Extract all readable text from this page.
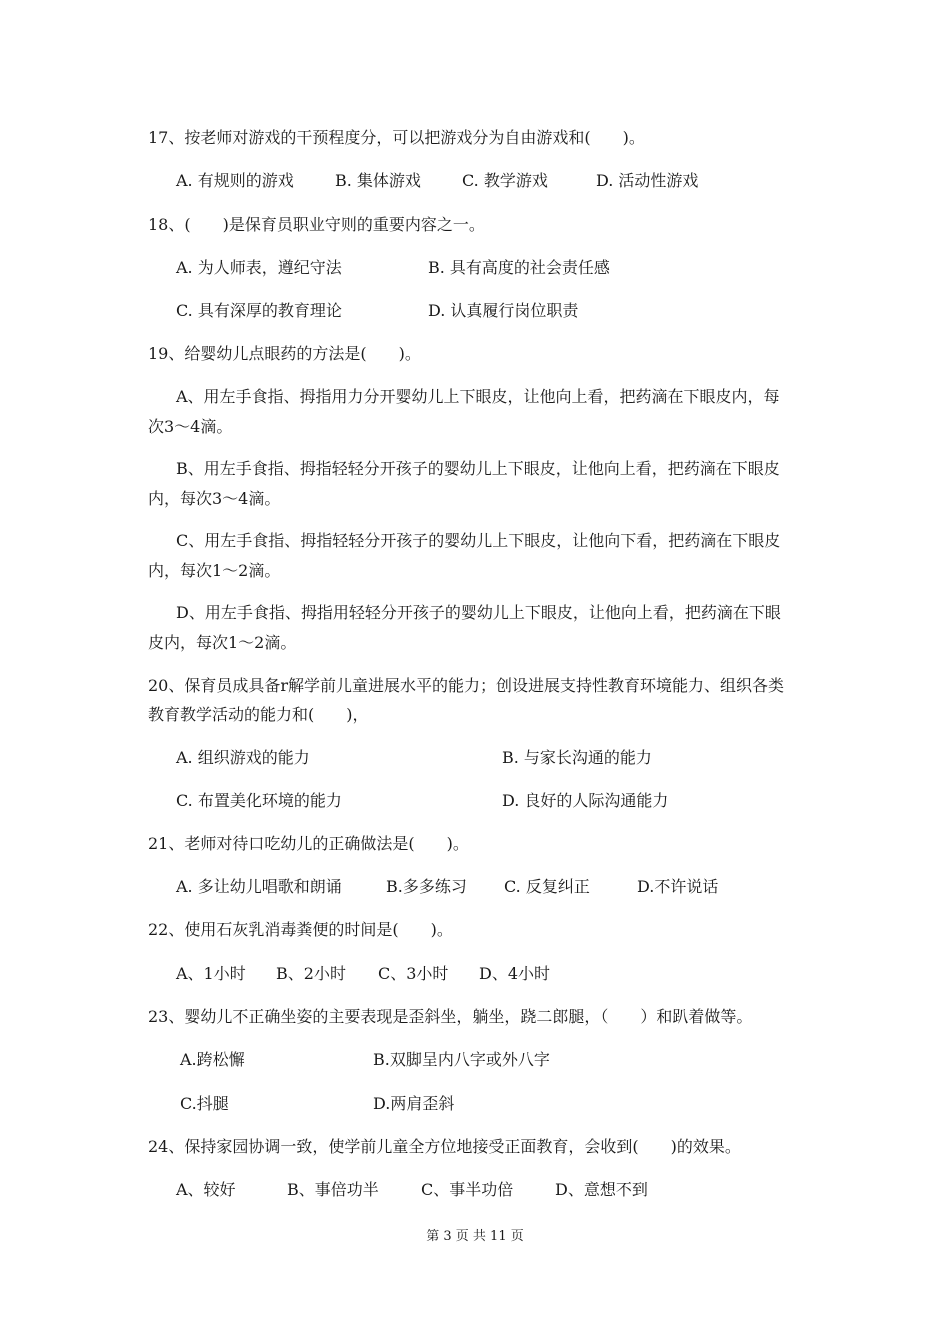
17、按老师对游戏的干预程度分，可以把游戏分为自由游戏和(　　)。
A. 有规则的游戏	B. 集体游戏	C. 教学游戏	D. 活动性游戏
18、(　　)是保育员职业守则的重要内容之一。
A. 为人师表，遵纪守法	B. 具有高度的社会责任感
C. 具有深厚的教育理论	D. 认真履行岗位职责
19、给婴幼儿点眼药的方法是(　　)。
A、用左手食指、拇指用力分开婴幼儿上下眼皮，让他向上看，把药滴在下眼皮内，每
次3～4滴。
B、用左手食指、拇指轻轻分开孩子的婴幼儿上下眼皮，让他向上看，把药滴在下眼皮
内，每次3～4滴。
C、用左手食指、拇指轻轻分开孩子的婴幼儿上下眼皮，让他向下看，把药滴在下眼皮
内，每次1～2滴。
D、用左手食指、拇指用轻轻分开孩子的婴幼儿上下眼皮，让他向上看，把药滴在下眼
皮内，每次1～2滴。
20、保育员成具备r解学前儿童进展水平的能力；创设进展支持性教育环境能力、组织各类
教育教学活动的能力和(　　)，
A. 组织游戏的能力	B. 与家长沟通的能力
C. 布置美化环境的能力	D. 良好的人际沟通能力
21、老师对待口吃幼儿的正确做法是(　　)。
A. 多让幼儿唱歌和朗诵	B.多多练习 C. 反复纠正	D.不许说话
22、使用石灰乳消毒粪便的时间是(　　)。
A、1小时 B、2小时 C、3小时 D、4小时
23、婴幼儿不正确坐姿的主要表现是歪斜坐，躺坐，跷二郎腿，（　　）和趴着做等。
A.跨松懈	B.双脚呈内八字或外八字
C.抖腿	D.两肩歪斜
24、保持家园协调一致，使学前儿童全方位地接受正面教育，会收到(　　)的效果。
A、较好	B、事倍功半	C、事半功倍	D、意想不到
第 3 页 共 11 页
